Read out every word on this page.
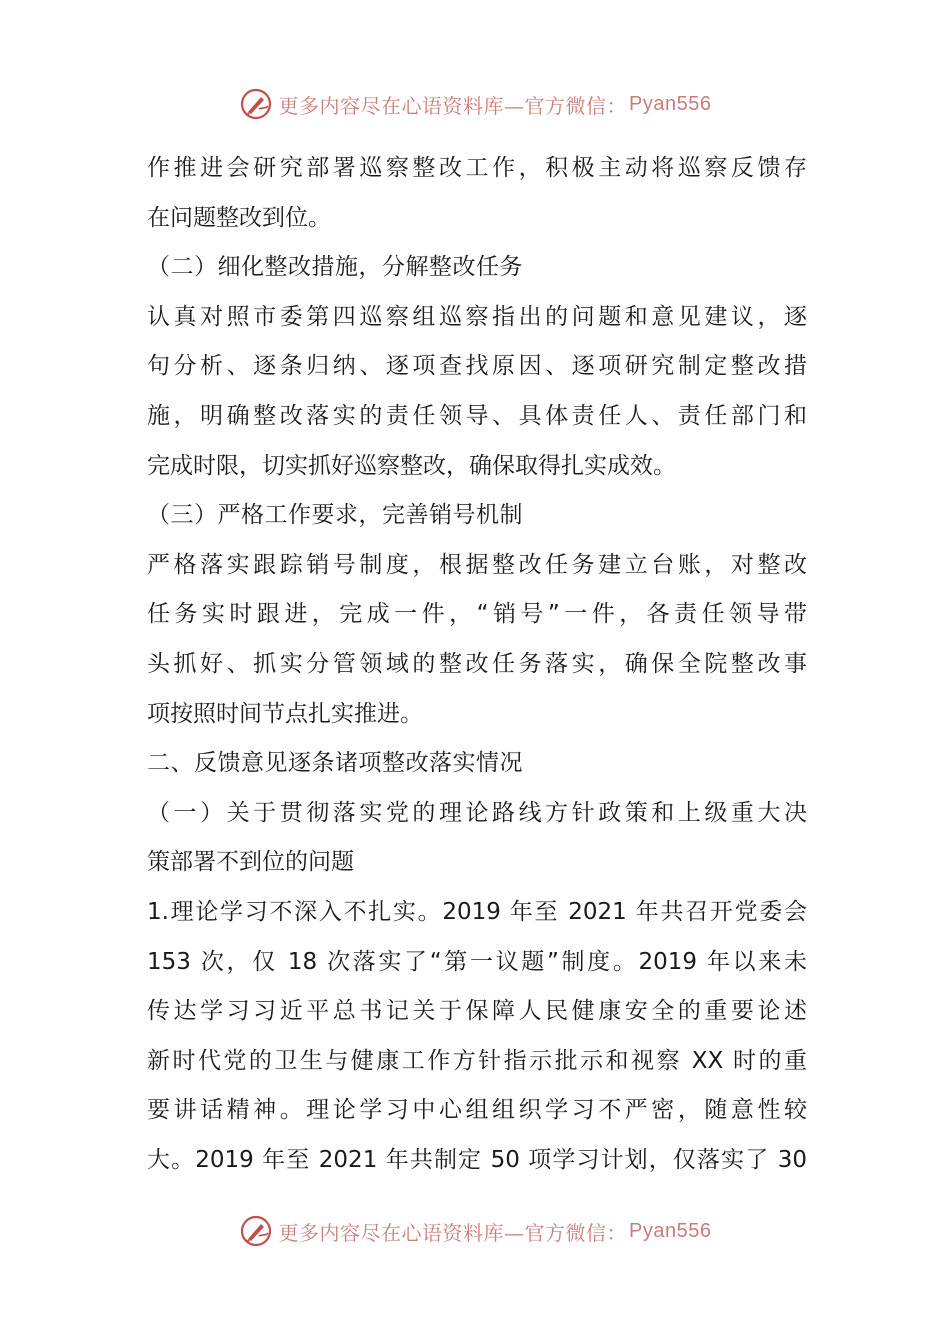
更多内容尽在心语资料库—官方微信： Pyan556
作推进会研究部署巡察整改工作，积极主动将巡察反馈存
在问题整改到位。
（二）细化整改措施，分解整改任务
认真对照市委第四巡察组巡察指出的问题和意见建议，逐
句分析、逐条归纳、逐项查找原因、逐项研究制定整改措
施，明确整改落实的责任领导、具体责任人、责任部门和
完成时限，切实抓好巡察整改，确保取得扎实成效。
（三）严格工作要求，完善销号机制
严格落实跟踪销号制度，根据整改任务建立台账，对整改
任务实时跟进，完成一件，“销号”一件，各责任领导带
头抓好、抓实分管领域的整改任务落实，确保全院整改事
项按照时间节点扎实推进。
二、反馈意见逐条诸项整改落实情况
（一）关于贯彻落实党的理论路线方针政策和上级重大决
策部署不到位的问题
1.理论学习不深入不扎实。2019 年至 2021 年共召开党委会
153 次，仅 18 次落实了“第一议题”制度。2019 年以来未
传达学习习近平总书记关于保障人民健康安全的重要论述
新时代党的卫生与健康工作方针指示批示和视察 XX 时的重
要讲话精神。理论学习中心组组织学习不严密，随意性较
大。2019 年至 2021 年共制定 50 项学习计划，仅落实了 30
更多内容尽在心语资料库—官方微信： Pyan556
